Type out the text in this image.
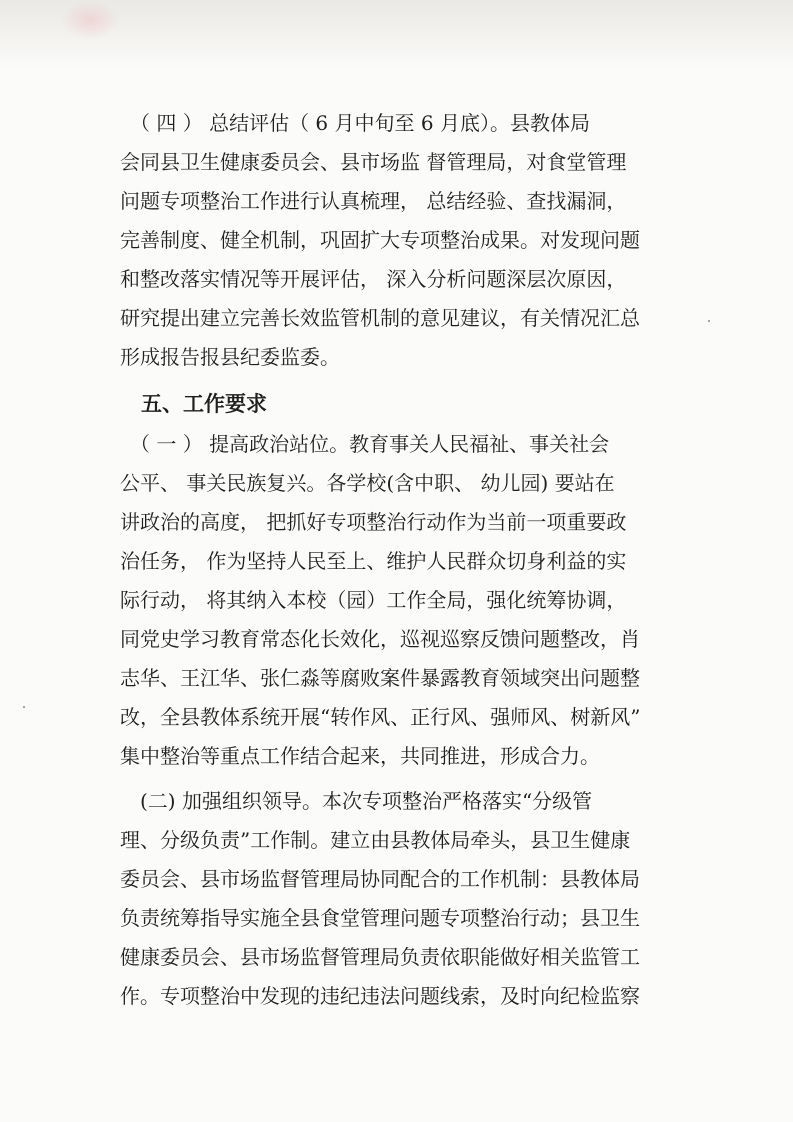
　（ 四 ） 总结评估（ 6 月中旬至 6 月底）。县教体局
会同县卫生健康委员会、县市场监 督管理局，对食堂管理
问题专项整治工作进行认真梳理， 总结经验、查找漏洞，
完善制度、健全机制，巩固扩大专项整治成果。对发现问题
和整改落实情况等开展评估， 深入分析问题深层次原因，
研究提出建立完善长效监管机制的意见建议，有关情况汇总
形成报告报县纪委监委。
　五、工作要求
　（ 一 ） 提高政治站位。教育事关人民福祉、事关社会
公平、 事关民族复兴。各学校(含中职、 幼儿园) 要站在
讲政治的高度， 把抓好专项整治行动作为当前一项重要政
治任务， 作为坚持人民至上、维护人民群众切身利益的实
际行动， 将其纳入本校（园）工作全局，强化统筹协调，
同党史学习教育常态化长效化，巡视巡察反馈问题整改，肖
志华、王江华、张仁淼等腐败案件暴露教育领域突出问题整
改，全县教体系统开展“转作风、正行风、强师风、树新风”
集中整治等重点工作结合起来，共同推进，形成合力。
　(二) 加强组织领导。本次专项整治严格落实“分级管
理、分级负责”工作制。建立由县教体局牵头，县卫生健康
委员会、县市场监督管理局协同配合的工作机制：县教体局
负责统筹指导实施全县食堂管理问题专项整治行动；县卫生
健康委员会、县市场监督管理局负责依职能做好相关监管工
作。专项整治中发现的违纪违法问题线索，及时向纪检监察
